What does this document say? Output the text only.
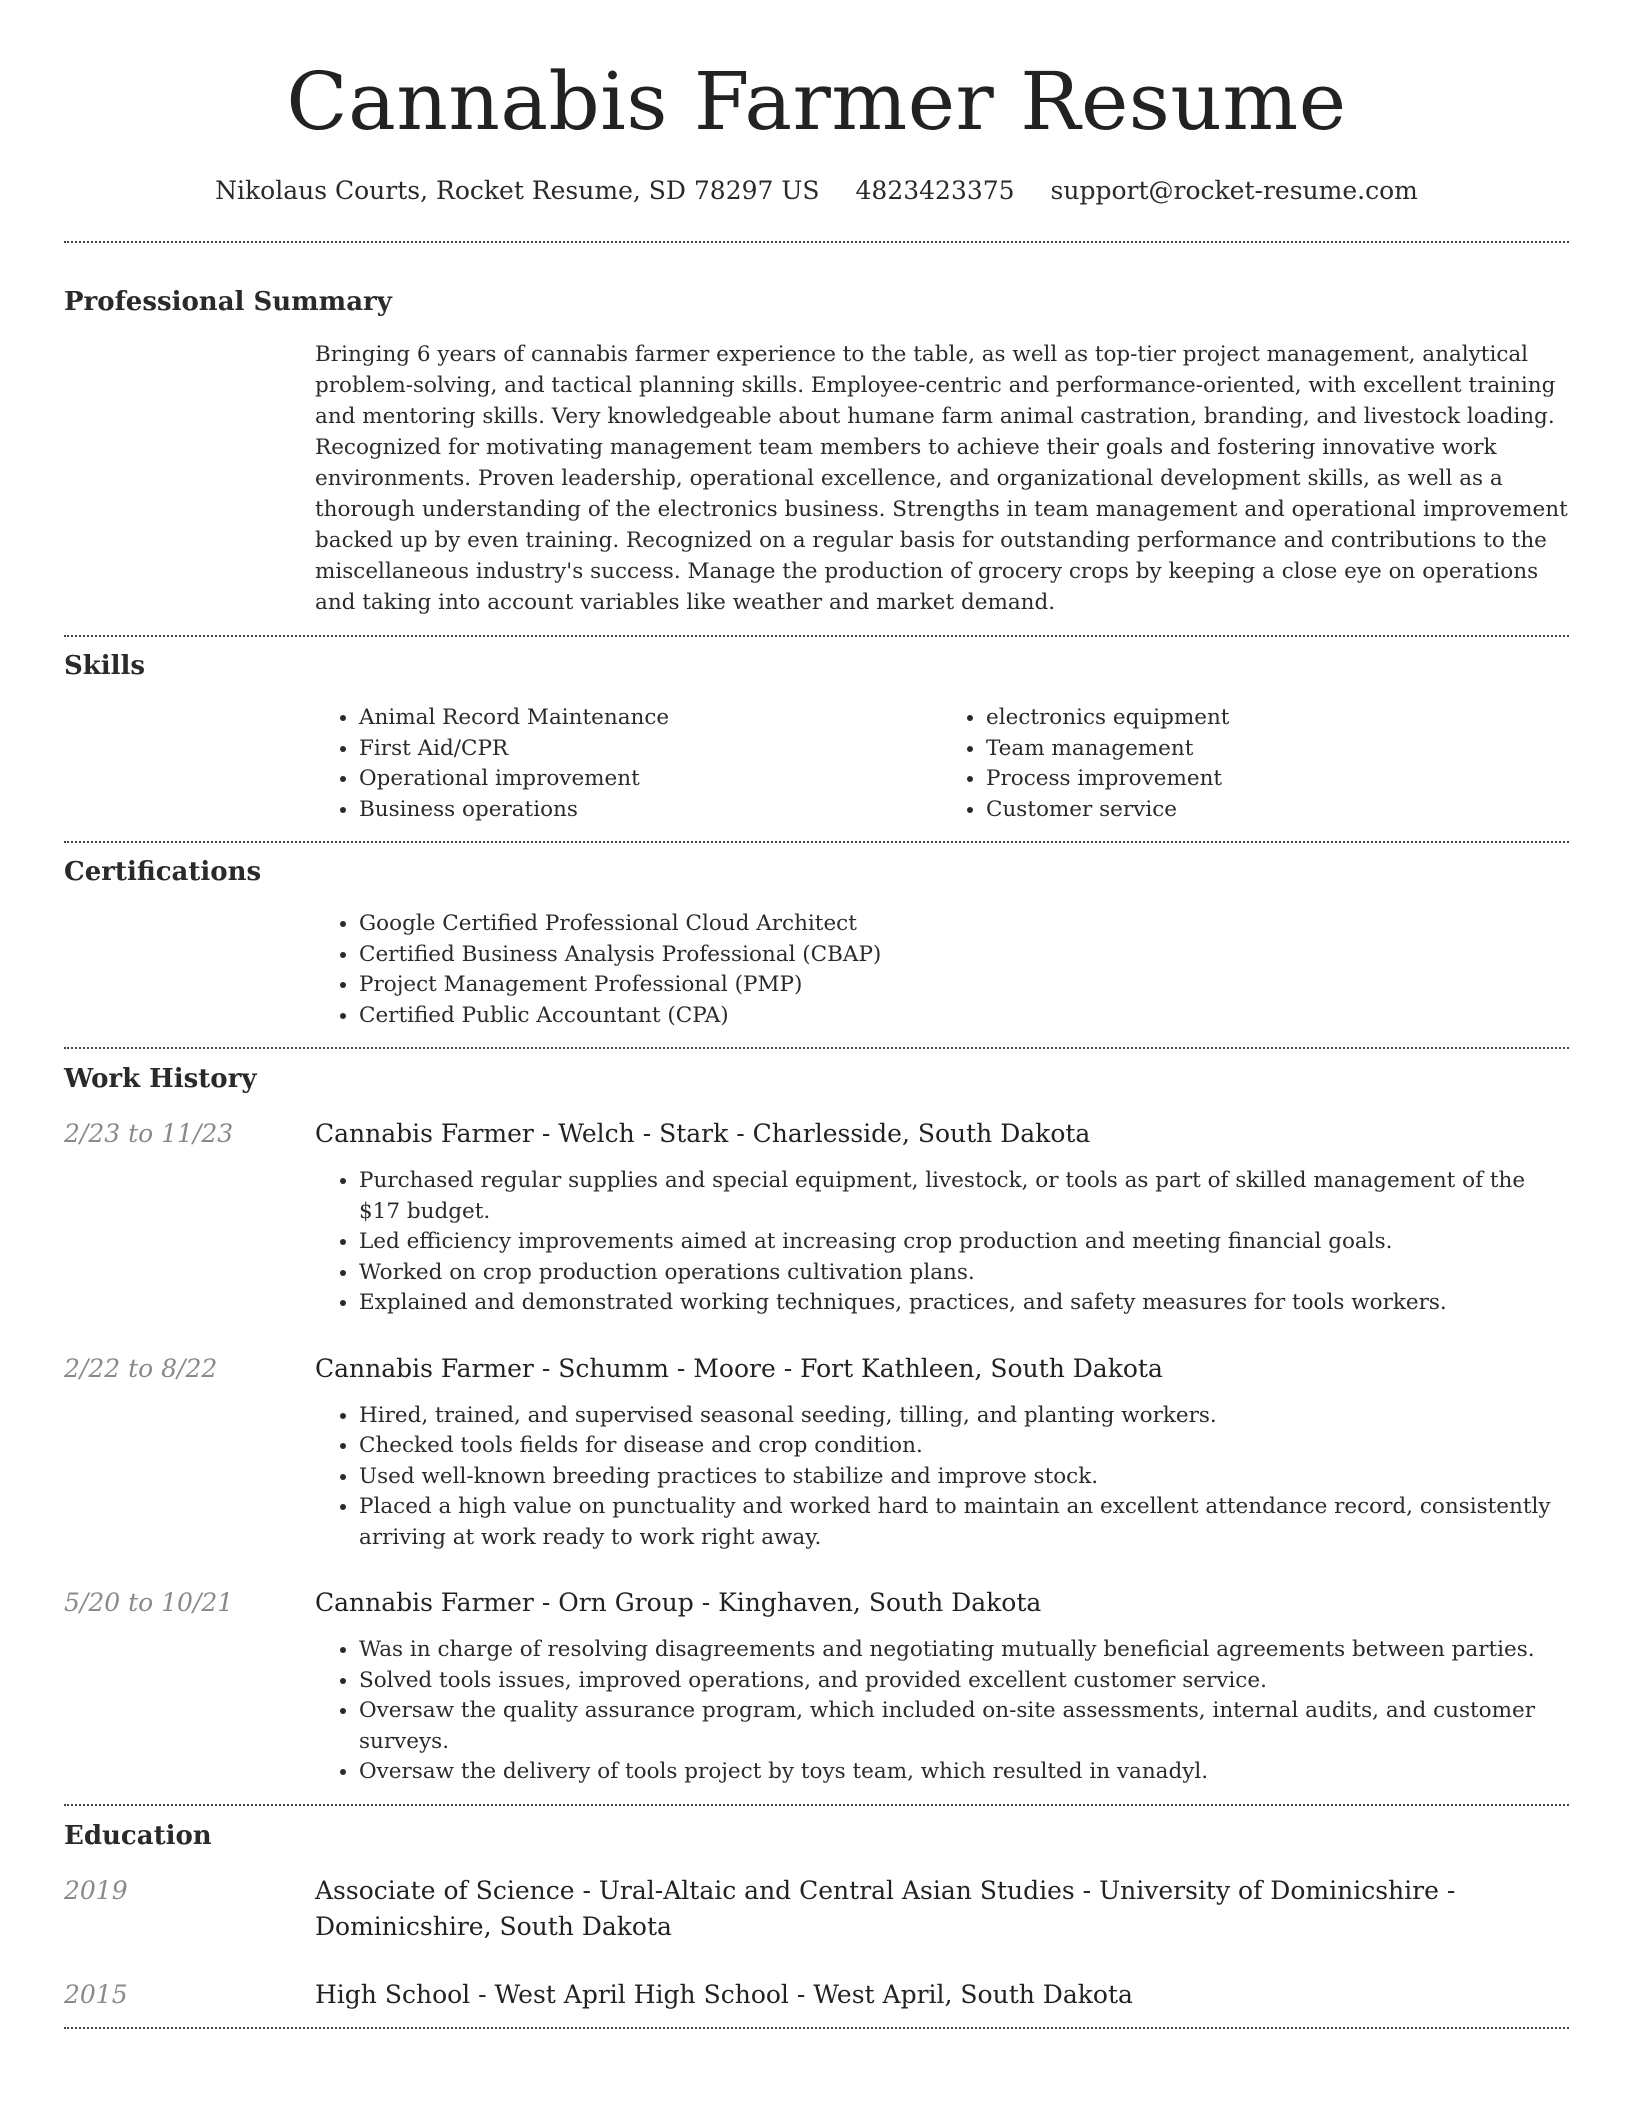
Cannabis Farmer Resume
Nikolaus Courts, Rocket Resume, SD 78297 US 4823423375 support@rocket-resume.com
Professional Summary
Bringing 6 years of cannabis farmer experience to the table, as well as top-tier project management, analytical problem-solving, and tactical planning skills. Employee-centric and performance-oriented, with excellent training and mentoring skills. Very knowledgeable about humane farm animal castration, branding, and livestock loading. Recognized for motivating management team members to achieve their goals and fostering innovative work environments. Proven leadership, operational excellence, and organizational development skills, as well as a thorough understanding of the electronics business. Strengths in team management and operational improvement backed up by even training. Recognized on a regular basis for outstanding performance and contributions to the miscellaneous industry's success. Manage the production of grocery crops by keeping a close eye on operations and taking into account variables like weather and market demand.
Skills
• Animal Record Maintenance
• First Aid/CPR
• Operational improvement
• Business operations
• electronics equipment
• Team management
• Process improvement
• Customer service
Certifications
• Google Certified Professional Cloud Architect
• Certified Business Analysis Professional (CBAP)
• Project Management Professional (PMP)
• Certified Public Accountant (CPA)
Work History
2/23 to 11/23	Cannabis Farmer - Welch - Stark - Charlesside, South Dakota
• Purchased regular supplies and special equipment, livestock, or tools as part of skilled management of the $17 budget.
• Led efficiency improvements aimed at increasing crop production and meeting financial goals.
• Worked on crop production operations cultivation plans.
• Explained and demonstrated working techniques, practices, and safety measures for tools workers.
2/22 to 8/22	Cannabis Farmer - Schumm - Moore - Fort Kathleen, South Dakota
• Hired, trained, and supervised seasonal seeding, tilling, and planting workers.
• Checked tools fields for disease and crop condition.
• Used well-known breeding practices to stabilize and improve stock.
• Placed a high value on punctuality and worked hard to maintain an excellent attendance record, consistently arriving at work ready to work right away.
5/20 to 10/21	Cannabis Farmer - Orn Group - Kinghaven, South Dakota
• Was in charge of resolving disagreements and negotiating mutually beneficial agreements between parties.
• Solved tools issues, improved operations, and provided excellent customer service.
• Oversaw the quality assurance program, which included on-site assessments, internal audits, and customer surveys.
• Oversaw the delivery of tools project by toys team, which resulted in vanadyl.
Education
2019	Associate of Science - Ural-Altaic and Central Asian Studies - University of Dominicshire - Dominicshire, South Dakota
2015	High School - West April High School - West April, South Dakota
